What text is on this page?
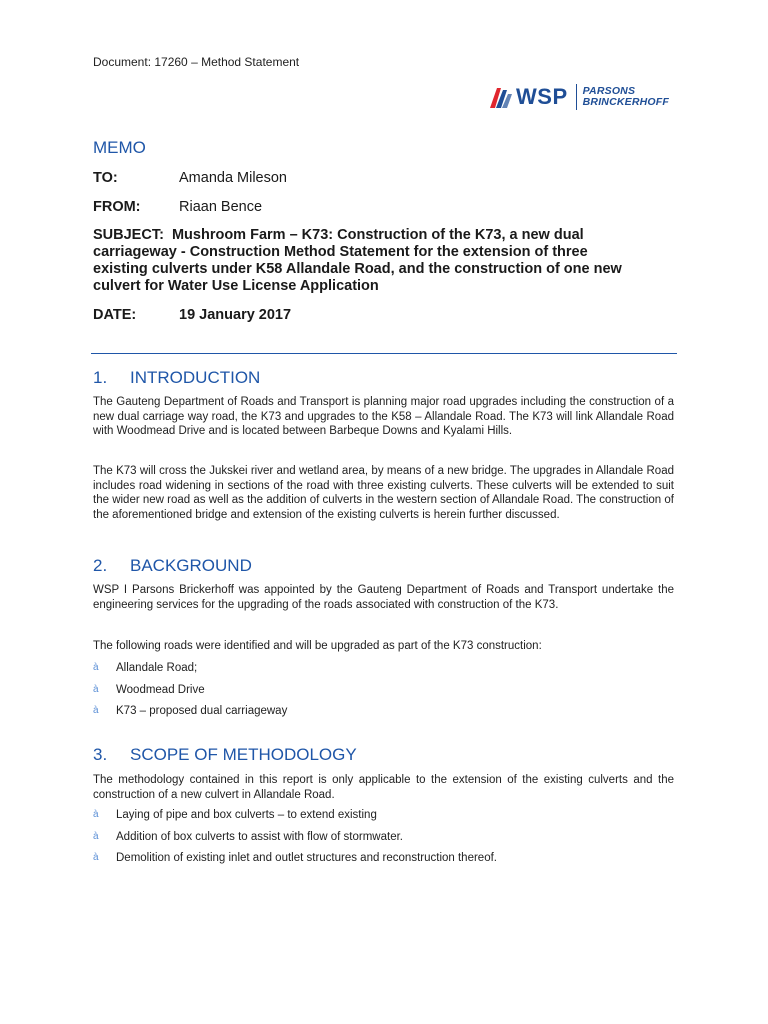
Document: 17260 – Method Statement
WSP PARSONS
BRINCKERHOFF
MEMO
TO:	Amanda Mileson
FROM:	Riaan Bence
SUBJECT: Mushroom Farm – K73: Construction of the K73, a new dual carriageway - Construction Method Statement for the extension of three existing culverts under K58 Allandale Road, and the construction of one new culvert for Water Use License Application
DATE:	19 January 2017
1. INTRODUCTION
The Gauteng Department of Roads and Transport is planning major road upgrades including the construction of a new dual carriage way road, the K73 and upgrades to the K58 – Allandale Road. The K73 will link Allandale Road with Woodmead Drive and is located between Barbeque Downs and Kyalami Hills.
The K73 will cross the Jukskei river and wetland area, by means of a new bridge. The upgrades in Allandale Road includes road widening in sections of the road with three existing culverts. These culverts will be extended to suit the wider new road as well as the addition of culverts in the western section of Allandale Road. The construction of the aforementioned bridge and extension of the existing culverts is herein further discussed.
2. BACKGROUND
WSP I Parsons Brickerhoff was appointed by the Gauteng Department of Roads and Transport undertake the engineering services for the upgrading of the roads associated with construction of the K73.
The following roads were identified and will be upgraded as part of the K73 construction:
à Allandale Road;
à Woodmead Drive
à K73 – proposed dual carriageway
3. SCOPE OF METHODOLOGY
The methodology contained in this report is only applicable to the extension of the existing culverts and the construction of a new culvert in Allandale Road.
à Laying of pipe and box culverts – to extend existing
à Addition of box culverts to assist with flow of stormwater.
à Demolition of existing inlet and outlet structures and reconstruction thereof.
